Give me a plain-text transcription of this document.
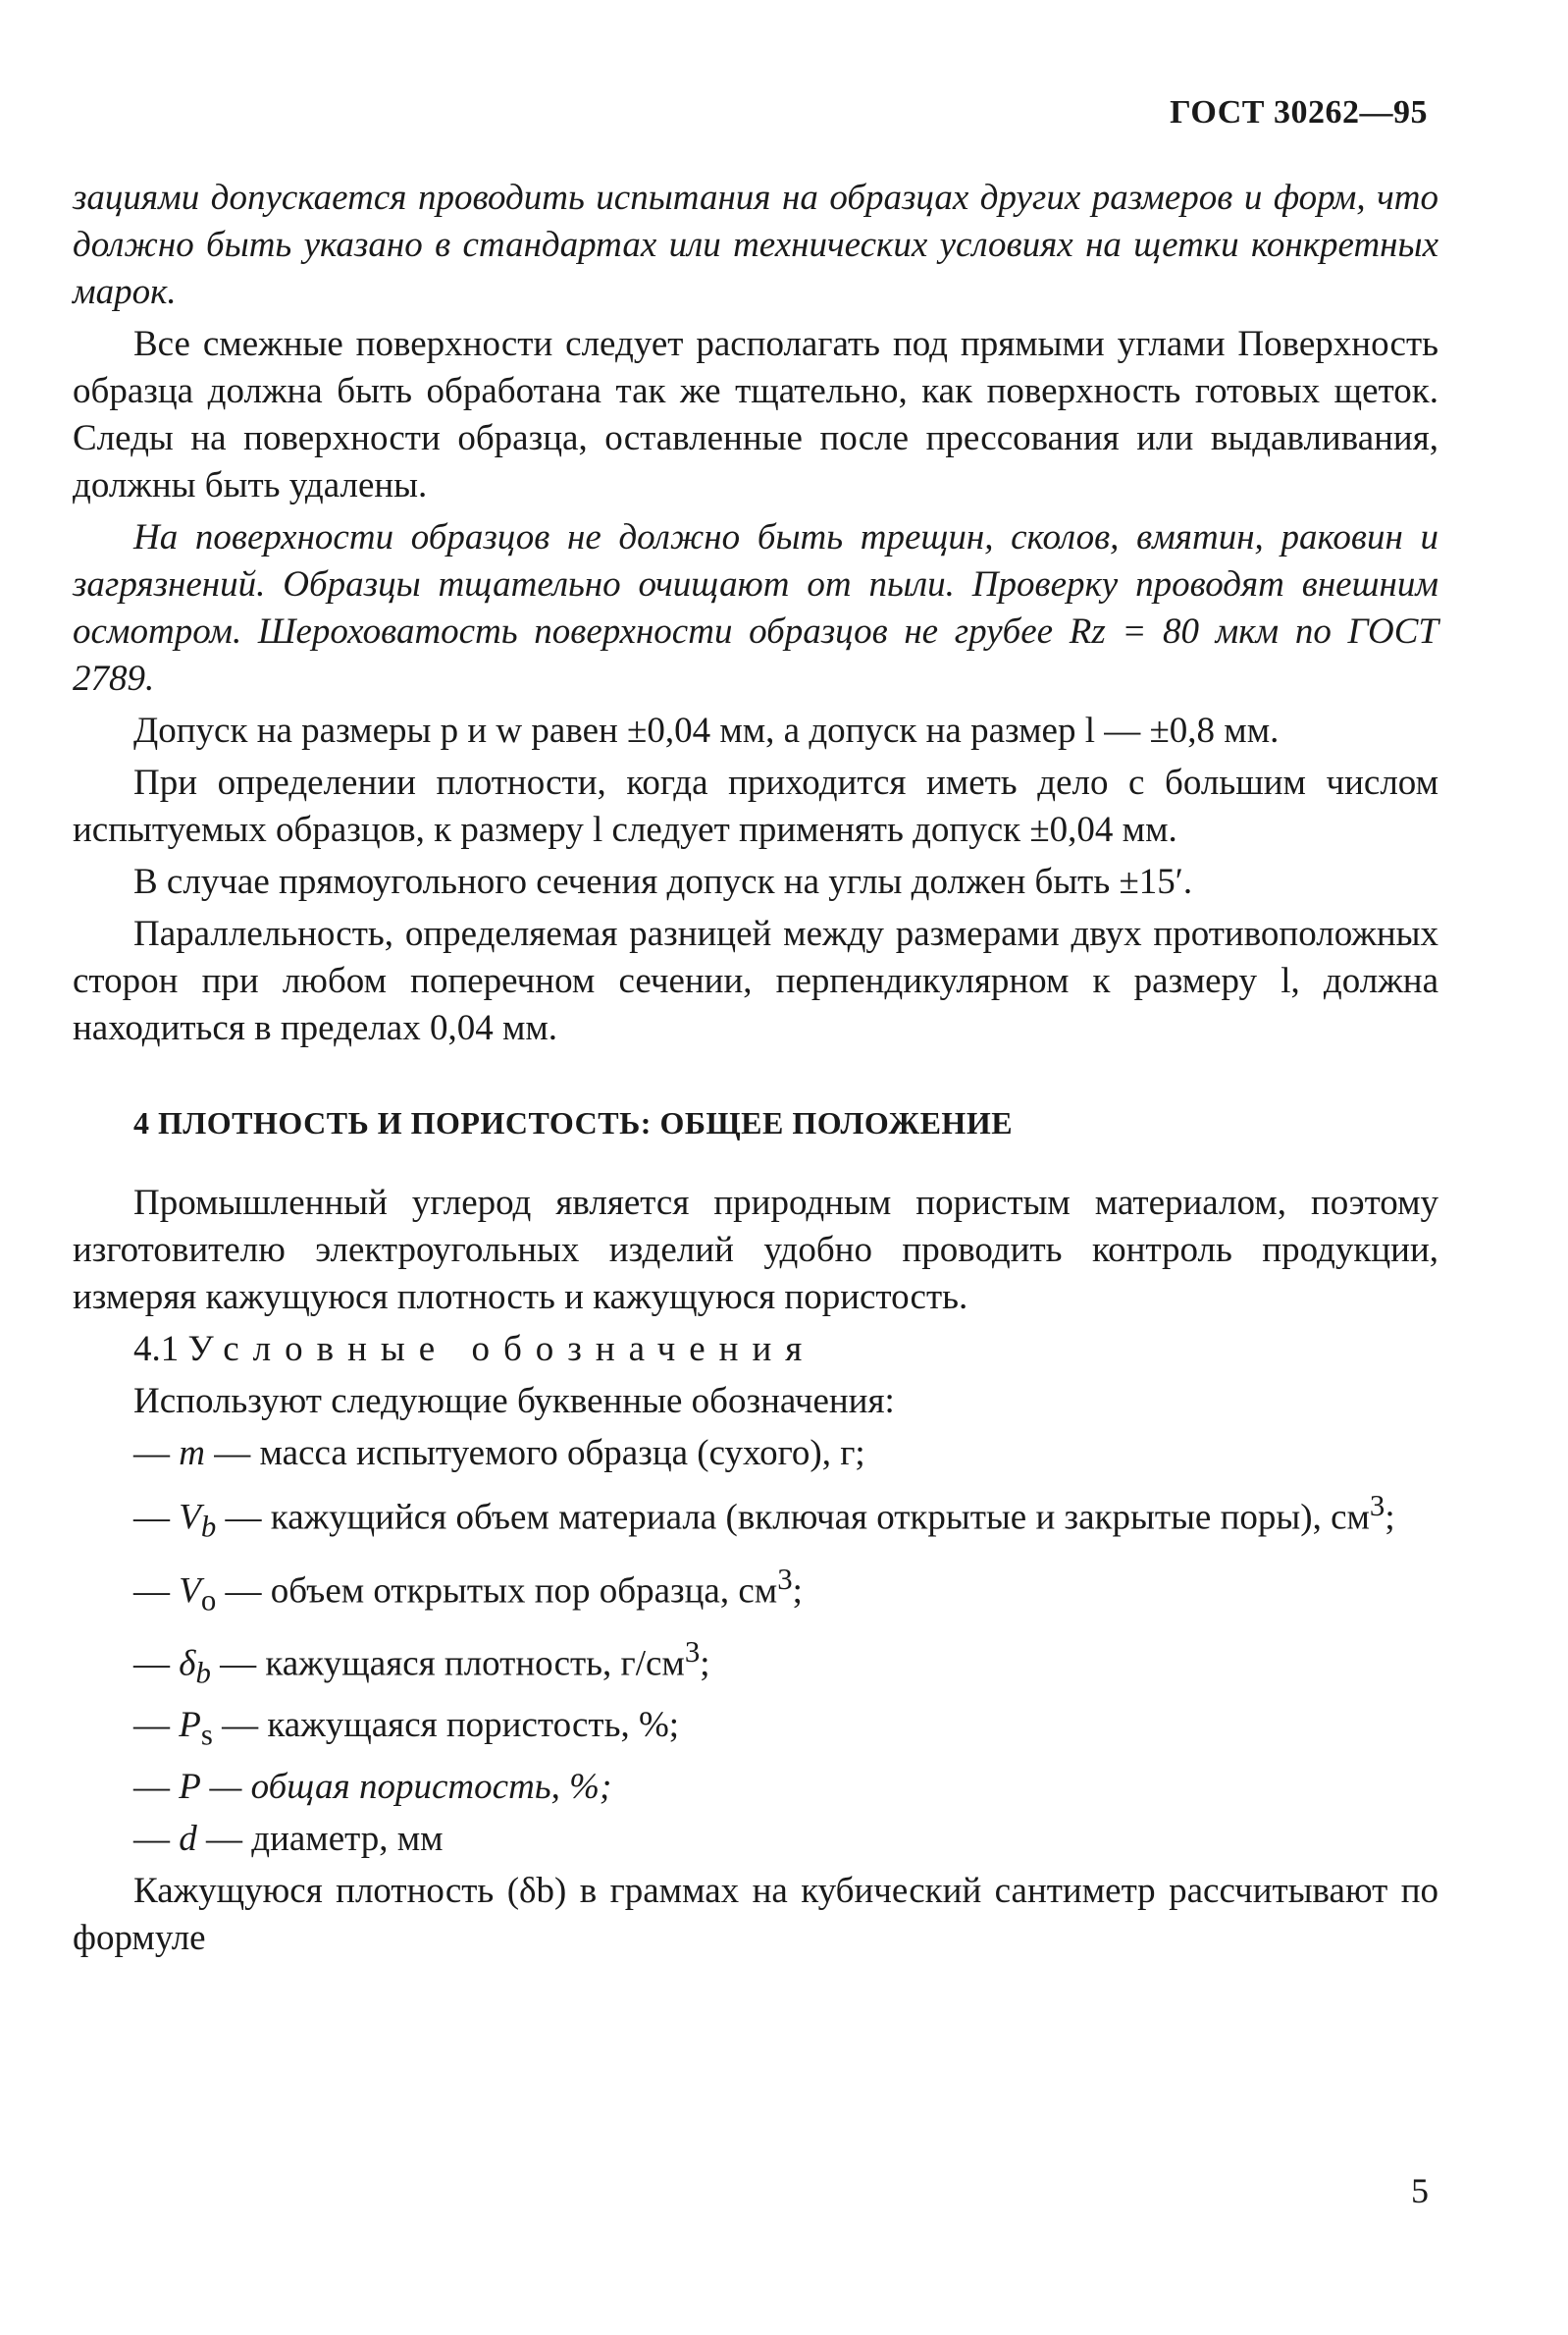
ГОСТ 30262—95

зациями допускается проводить испытания на образцах других размеров и форм, что должно быть указано в стандартах или технических условиях на щетки конкретных марок.

Все смежные поверхности следует располагать под прямыми углами Поверхность образца должна быть обработана так же тщательно, как поверхность готовых щеток. Следы на поверхности образца, оставленные после прессования или выдавливания, должны быть удалены.

На поверхности образцов не должно быть трещин, сколов, вмятин, раковин и загрязнений. Образцы тщательно очищают от пыли. Проверку проводят внешним осмотром. Шероховатость поверхности образцов не грубее Rz = 80 мкм по ГОСТ 2789.

Допуск на размеры p и w равен ±0,04 мм, а допуск на размер l — ±0,8 мм.

При определении плотности, когда приходится иметь дело с большим числом испытуемых образцов, к размеру l следует применять допуск ±0,04 мм.

В случае прямоугольного сечения допуск на углы должен быть ±15′.

Параллельность, определяемая разницей между размерами двух противоположных сторон при любом поперечном сечении, перпендикулярном к размеру l, должна находиться в пределах 0,04 мм.

4 ПЛОТНОСТЬ И ПОРИСТОСТЬ: ОБЩЕЕ ПОЛОЖЕНИЕ

Промышленный углерод является природным пористым материалом, поэтому изготовителю электроугольных изделий удобно проводить контроль продукции, измеряя кажущуюся плотность и кажущуюся пористость.

4.1 Условные обозначения

Используют следующие буквенные обозначения:

— m — масса испытуемого образца (сухого), г;

— $V_b$ — кажущийся объем материала (включая открытые и закрытые поры), $см^3$;

— $V_o$ — объем открытых пор образца, $см^3$;

— $\delta_b$ — кажущаяся плотность, $г/см^3$;

— $P_s$ — кажущаяся пористость, %;

— P — общая пористость, %;

— d — диаметр, мм

Кажущуюся плотность (δb) в граммах на кубический сантиметр рассчитывают по формуле

5
